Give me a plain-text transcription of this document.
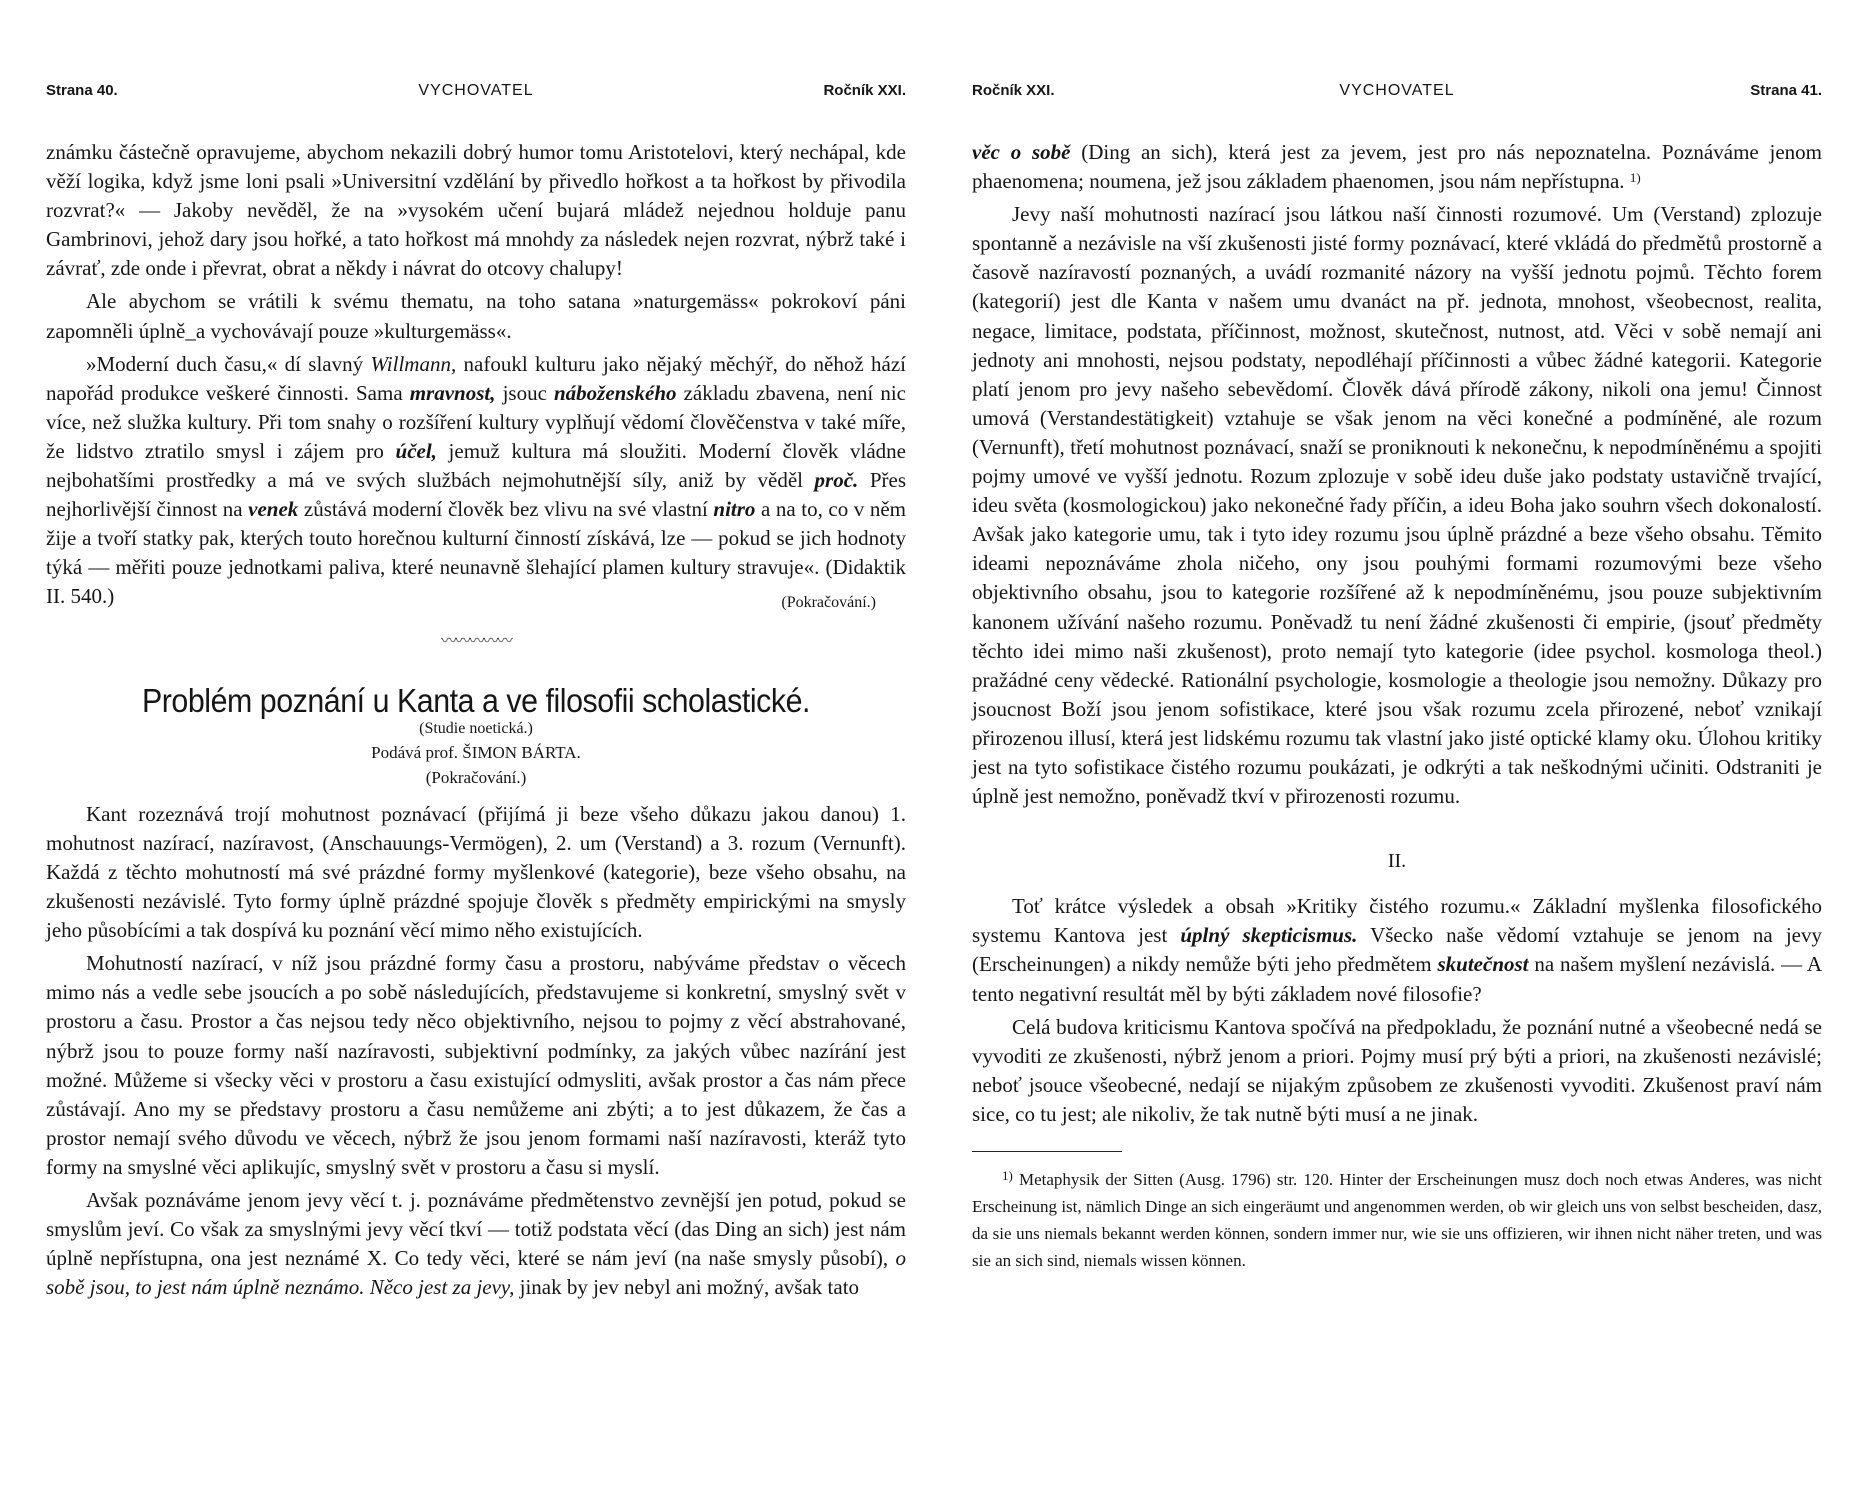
Strana 40.	VYCHOVATEL	Ročník XXI.

známku částečně opravujeme, abychom nekazili dobrý humor tomu Aristotelovi, který nechápal, kde věží logika, když jsme loni psali »Universitní vzdělání by přivedlo hořkost a ta hořkost by přivodila rozvrat?« — Jakoby nevěděl, že na »vysokém učení bujará mládež nejednou holduje panu Gambrinovi, jehož dary jsou hořké, a tato hořkost má mnohdy za následek nejen rozvrat, nýbrž také i závrať, zde onde i převrat, obrat a někdy i návrat do otcovy chalupy!

Ale abychom se vrátili k svému thematu, na toho satana »naturgemäss« pokrokoví páni zapomněli úplně_a vychovávají pouze »kulturgemäss«.

»Moderní duch času,« dí slavný Willmann, nafoukl kulturu jako nějaký měchýř, do něhož hází napořád produkce veškeré činnosti. Sama mravnost, jsouc náboženského základu zbavena, není nic více, než služka kultury. Při tom snahy o rozšíření kultury vyplňují vědomí člověčenstva v také míře, že lidstvo ztratilo smysl i zájem pro účel, jemuž kultura má sloužiti. Moderní člověk vládne nejbohatšími prostředky a má ve svých službách nejmohutnější síly, aniž by věděl proč. Přes nejhorlivější činnost na venek zůstává moderní člověk bez vlivu na své vlastní nitro a na to, co v něm žije a tvoří statky pak, kterých touto horečnou kulturní činností získává, lze — pokud se jich hodnoty týká — měřiti pouze jednotkami paliva, které neunavně šlehající plamen kultury stravuje«. (Didaktik II. 540.)	(Pokračování.)
〰〰〰〰〰
Problém poznání u Kanta a ve filosofii scholastické.

(Studie noetická.)

Podává prof. ŠIMON BÁRTA.

(Pokračování.)

Kant rozeznává trojí mohutnost poznávací (přijímá ji beze všeho důkazu jakou danou) 1. mohutnost nazírací, nazíravost, (Anschauungs-Vermögen), 2. um (Verstand) a 3. rozum (Vernunft). Každá z těchto mohutností má své prázdné formy myšlenkové (kategorie), beze všeho obsahu, na zkušenosti nezávislé. Tyto formy úplně prázdné spojuje člověk s předměty empirickými na smysly jeho působícími a tak dospívá ku poznání věcí mimo něho existujících.

Mohutností nazírací, v níž jsou prázdné formy času a prostoru, nabýváme představ o věcech mimo nás a vedle sebe jsoucích a po sobě následujících, představujeme si konkretní, smyslný svět v prostoru a času. Prostor a čas nejsou tedy něco objektivního, nejsou to pojmy z věcí abstrahované, nýbrž jsou to pouze formy naší nazíravosti, subjektivní podmínky, za jakých vůbec nazírání jest možné. Můžeme si všecky věci v prostoru a času existující odmysliti, avšak prostor a čas nám přece zůstávají. Ano my se představy prostoru a času nemůžeme ani zbýti; a to jest důkazem, že čas a prostor nemají svého důvodu ve věcech, nýbrž že jsou jenom formami naší nazíravosti, kteráž tyto formy na smyslné věci aplikujíc, smyslný svět v prostoru a času si myslí.

Avšak poznáváme jenom jevy věcí t. j. poznáváme předmětenstvo zevnější jen potud, pokud se smyslům jeví. Co však za smyslnými jevy věcí tkví — totiž podstata věcí (das Ding an sich) jest nám úplně nepřístupna, ona jest neznámé X. Co tedy věci, které se nám jeví (na naše smysly působí), o sobě jsou, to jest nám úplně neznámo. Něco jest za jevy, jinak by jev nebyl ani možný, avšak tato

Ročník XXI.	VYCHOVATEL	Strana 41.

věc o sobě (Ding an sich), která jest za jevem, jest pro nás nepoznatelna. Poznáváme jenom phaenomena; noumena, jež jsou základem phaenomen, jsou nám nepřístupna. $^{1)}$

Jevy naší mohutnosti nazírací jsou látkou naší činnosti rozumové. Um (Verstand) zplozuje spontanně a nezávisle na vší zkušenosti jisté formy poznávací, které vkládá do předmětů prostorně a časově nazíravostí poznaných, a uvádí rozmanité názory na vyšší jednotu pojmů. Těchto forem (kategorií) jest dle Kanta v našem umu dvanáct na př. jednota, mnohost, všeobecnost, realita, negace, limitace, podstata, příčinnost, možnost, skutečnost, nutnost, atd. Věci v sobě nemají ani jednoty ani mnohosti, nejsou podstaty, nepodléhají příčinnosti a vůbec žádné kategorii. Kategorie platí jenom pro jevy našeho sebevědomí. Člověk dává přírodě zákony, nikoli ona jemu! Činnost umová (Verstandestätigkeit) vztahuje se však jenom na věci konečné a podmíněné, ale rozum (Vernunft), třetí mohutnost poznávací, snaží se proniknouti k nekonečnu, k nepodmíněnému a spojiti pojmy umové ve vyšší jednotu. Rozum zplozuje v sobě ideu duše jako podstaty ustavičně trvající, ideu světa (kosmologickou) jako nekonečné řady příčin, a ideu Boha jako souhrn všech dokonalostí. Avšak jako kategorie umu, tak i tyto idey rozumu jsou úplně prázdné a beze všeho obsahu. Těmito ideami nepoznáváme zhola ničeho, ony jsou pouhými formami rozumovými beze všeho objektivního obsahu, jsou to kategorie rozšířené až k nepodmíněnému, jsou pouze subjektivním kanonem užívání našeho rozumu. Poněvadž tu není žádné zkušenosti či empirie, (jsouť předměty těchto idei mimo naši zkušenost), proto nemají tyto kategorie (idee psychol. kosmologa theol.) pražádné ceny vědecké. Rationální psychologie, kosmologie a theologie jsou nemožny. Důkazy pro jsoucnost Boží jsou jenom sofistikace, které jsou však rozumu zcela přirozené, neboť vznikají přirozenou illusí, která jest lidskému rozumu tak vlastní jako jisté optické klamy oku. Úlohou kritiky jest na tyto sofistikace čistého rozumu poukázati, je odkrýti a tak neškodnými učiniti. Odstraniti je úplně jest nemožno, poněvadž tkví v přirozenosti rozumu.

II.

Toť krátce výsledek a obsah »Kritiky čistého rozumu.« Základní myšlenka filosofického systemu Kantova jest úplný skepticismus. Všecko naše vědomí vztahuje se jenom na jevy (Erscheinungen) a nikdy nemůže býti jeho předmětem skutečnost na našem myšlení nezávislá. — A tento negativní resultát měl by býti základem nové filosofie?

Celá budova kriticismu Kantova spočívá na předpokladu, že poznání nutné a všeobecné nedá se vyvoditi ze zkušenosti, nýbrž jenom a priori. Pojmy musí prý býti a priori, na zkušenosti nezávislé; neboť jsouce všeobecné, nedají se nijakým způsobem ze zkušenosti vyvoditi. Zkušenost praví nám sice, co tu jest; ale nikoliv, že tak nutně býti musí a ne jinak.

$^{1)}$ Metaphysik der Sitten (Ausg. 1796) str. 120. Hinter der Erscheinungen musz doch noch etwas Anderes, was nicht Erscheinung ist, nämlich Dinge an sich eingeräumt und angenommen werden, ob wir gleich uns von selbst bescheiden, dasz, da sie uns niemals bekannt werden können, sondern immer nur, wie sie uns offizieren, wir ihnen nicht näher treten, und was sie an sich sind, niemals wissen können.
